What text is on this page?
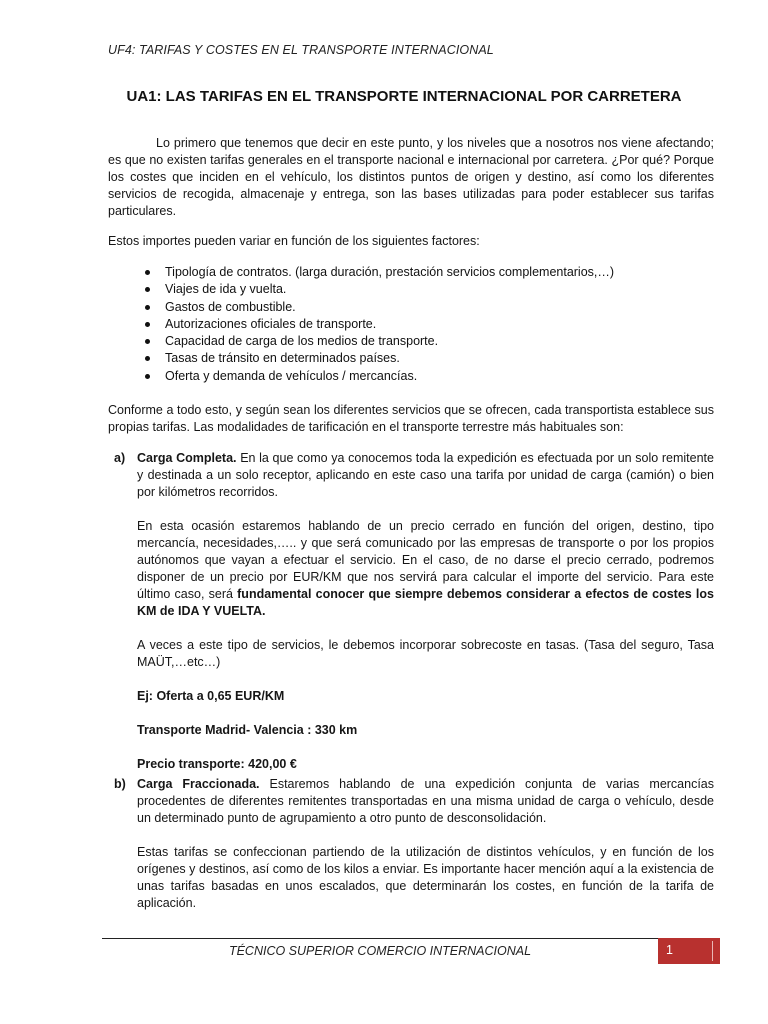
UF4: TARIFAS Y COSTES EN EL TRANSPORTE INTERNACIONAL
UA1: LAS TARIFAS EN EL TRANSPORTE INTERNACIONAL POR CARRETERA

Lo primero que tenemos que decir en este punto, y los niveles que a nosotros nos viene afectando; es que no existen tarifas generales en el transporte nacional e internacional por carretera. ¿Por qué? Porque los costes que inciden en el vehículo, los distintos puntos de origen y destino, así como los diferentes servicios de recogida, almacenaje y entrega, son las bases utilizadas para poder establecer sus tarifas particulares.

Estos importes pueden variar en función de los siguientes factores:

Tipología de contratos. (larga duración, prestación servicios complementarios,…)
Viajes de ida y vuelta.
Gastos de combustible.
Autorizaciones oficiales de transporte.
Capacidad de carga de los medios de transporte.
Tasas de tránsito en determinados países.
Oferta y demanda de vehículos / mercancías.

Conforme a todo esto, y según sean los diferentes servicios que se ofrecen, cada transportista establece sus propias tarifas. Las modalidades de tarificación en el transporte terrestre más habituales son:

a) Carga Completa. En la que como ya conocemos toda la expedición es efectuada por un solo remitente y destinada a un solo receptor, aplicando en este caso una tarifa por unidad de carga (camión) o bien por kilómetros recorridos.

En esta ocasión estaremos hablando de un precio cerrado en función del origen, destino, tipo mercancía, necesidades,….. y que será comunicado por las empresas de transporte o por los propios autónomos que vayan a efectuar el servicio. En el caso, de no darse el precio cerrado, podremos disponer de un precio por EUR/KM que nos servirá para calcular el importe del servicio. Para este último caso, será fundamental conocer que siempre debemos considerar a efectos de costes los KM de IDA Y VUELTA.

A veces a este tipo de servicios, le debemos incorporar sobrecoste en tasas. (Tasa del seguro, Tasa MAÜT,…etc…)

Ej: Oferta a 0,65 EUR/KM

Transporte Madrid- Valencia : 330 km

Precio transporte: 420,00 €

b) Carga Fraccionada. Estaremos hablando de una expedición conjunta de varias mercancías procedentes de diferentes remitentes transportadas en una misma unidad de carga o vehículo, desde un determinado punto de agrupamiento a otro punto de desconsolidación.

Estas tarifas se confeccionan partiendo de la utilización de distintos vehículos, y en función de los orígenes y destinos, así como de los kilos a enviar. Es importante hacer mención aquí a la existencia de unas tarifas basadas en unos escalados, que determinarán los costes, en función de la tarifa de aplicación.

TÉCNICO SUPERIOR COMERCIO INTERNACIONAL	1
